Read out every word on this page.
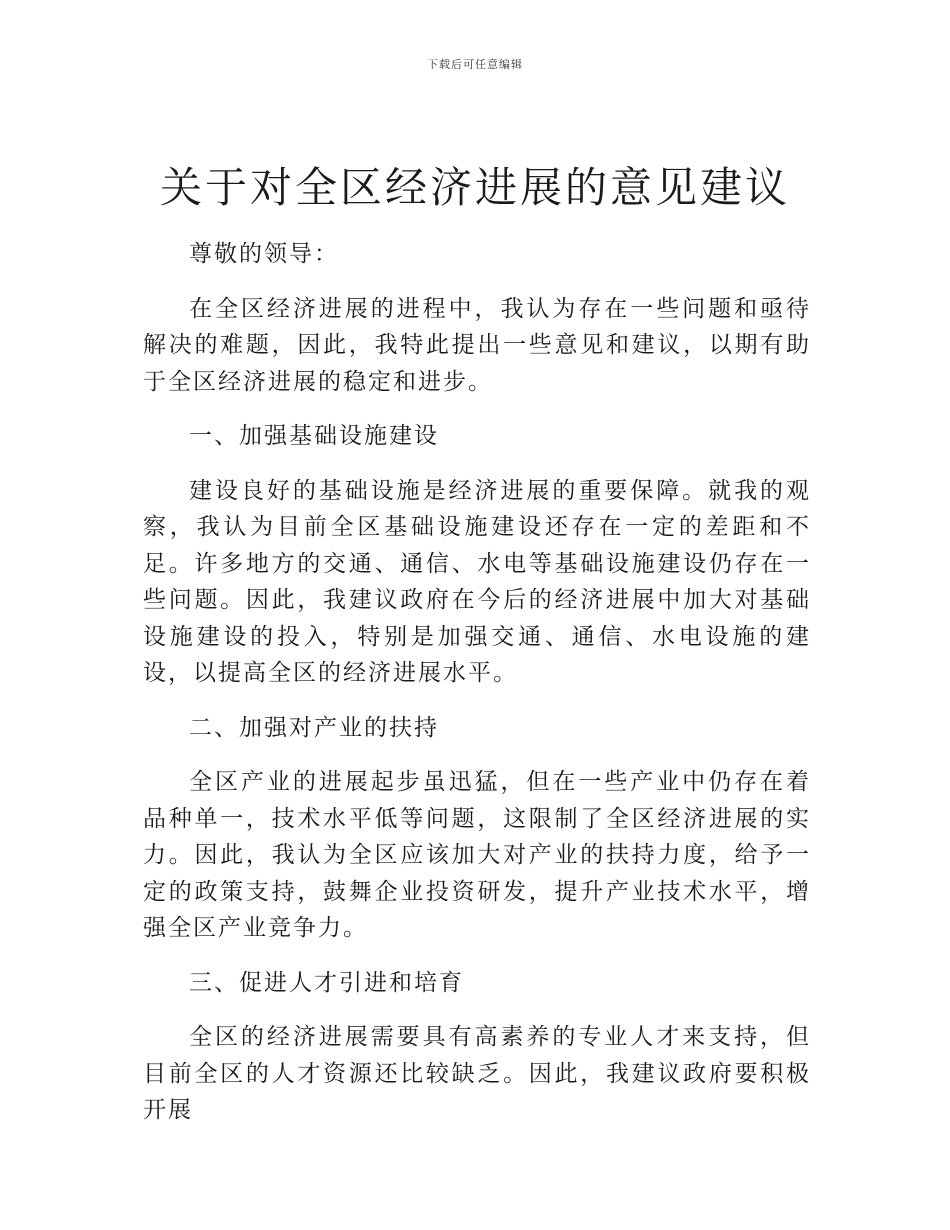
下载后可任意编辑
关于对全区经济进展的意见建议

尊敬的领导：

在全区经济进展的进程中，我认为存在一些问题和亟待解决的难题，因此，我特此提出一些意见和建议，以期有助于全区经济进展的稳定和进步。

一、加强基础设施建设

建设良好的基础设施是经济进展的重要保障。就我的观察，我认为目前全区基础设施建设还存在一定的差距和不足。许多地方的交通、通信、水电等基础设施建设仍存在一些问题。因此，我建议政府在今后的经济进展中加大对基础设施建设的投入，特别是加强交通、通信、水电设施的建设，以提高全区的经济进展水平。

二、加强对产业的扶持

全区产业的进展起步虽迅猛，但在一些产业中仍存在着品种单一，技术水平低等问题，这限制了全区经济进展的实力。因此，我认为全区应该加大对产业的扶持力度，给予一定的政策支持，鼓舞企业投资研发，提升产业技术水平，增强全区产业竞争力。

三、促进人才引进和培育

全区的经济进展需要具有高素养的专业人才来支持，但目前全区的人才资源还比较缺乏。因此，我建议政府要积极开展
